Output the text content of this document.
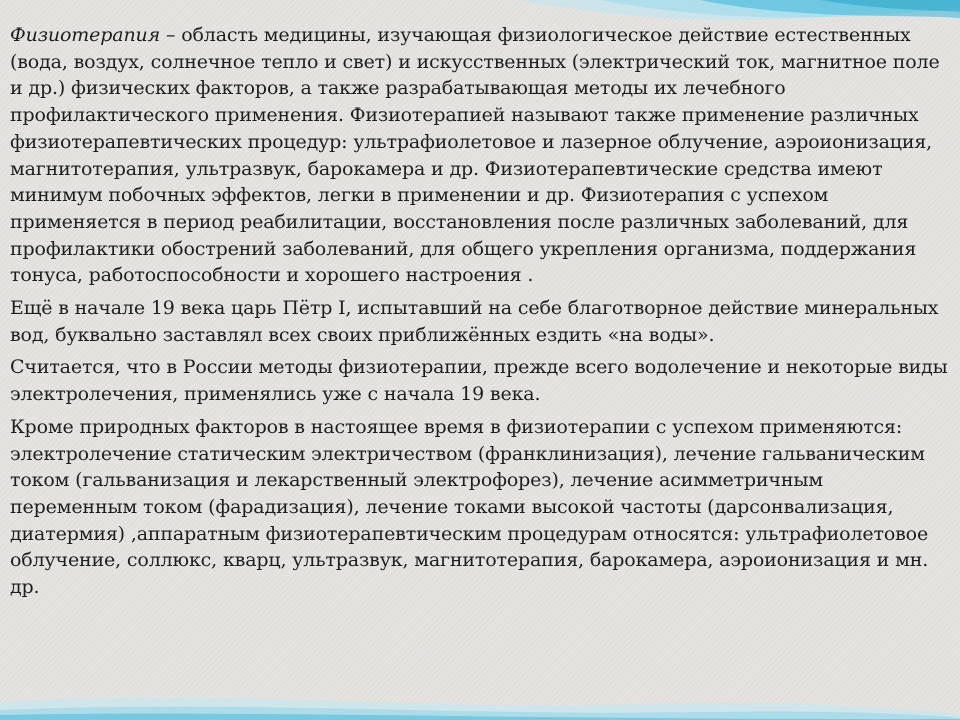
Физиотерапия – область медицины, изучающая физиологическое действие естественных (вода, воздух, солнечное тепло и свет) и искусственных (электрический ток, магнитное поле и др.) физических факторов, а также разрабатывающая методы их лечебного профилактического применения. Физиотерапией называют также применение различных физиотерапевтических процедур: ультрафиолетовое и лазерное облучение, аэроионизация, магнитотерапия, ультразвук, барокамера и др. Физиотерапевтические средства имеют минимум побочных эффектов, легки в применении и др. Физиотерапия с успехом применяется в период реабилитации, восстановления после различных заболеваний, для профилактики обострений заболеваний, для общего укрепления организма, поддержания тонуса, работоспособности и хорошего настроения .

Ещё в начале 19 века царь Пётр I, испытавший на себе благотворное действие минеральных вод, буквально заставлял всех своих приближённых ездить «на воды».

Считается, что в России методы физиотерапии, прежде всего водолечение и некоторые виды электролечения, применялись уже с начала 19 века.

Кроме природных факторов в настоящее время в физиотерапии с успехом применяются: электролечение статическим электричеством (франклинизация), лечение гальваническим током (гальванизация и лекарственный электрофорез), лечение асимметричным переменным током (фарадизация), лечение токами высокой частоты (дарсонвализация, диатермия) ,аппаратным физиотерапевтическим процедурам относятся: ультрафиолетовое облучение, соллюкс, кварц, ультразвук, магнитотерапия, барокамера, аэроионизация и мн. др.
